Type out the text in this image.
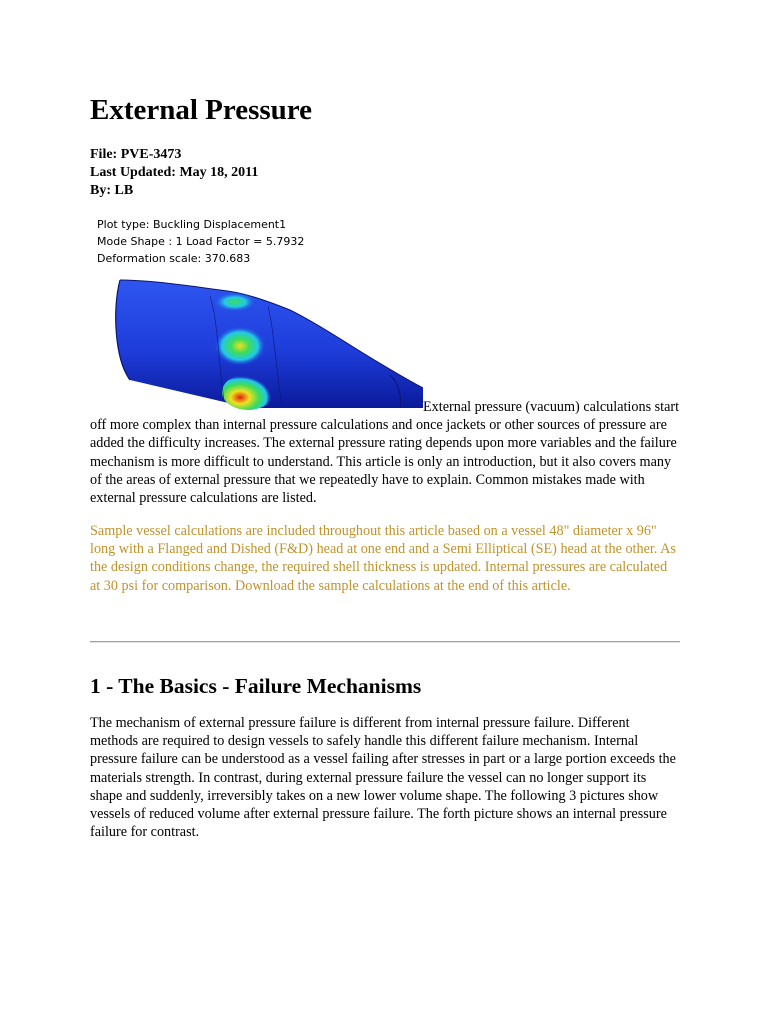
External Pressure
File: PVE-3473
Last Updated: May 18, 2011
By: LB
Plot type: Buckling Displacement1
Mode Shape : 1 Load Factor = 5.7932
Deformation scale: 370.683

External pressure (vacuum) calculations start off more complex than internal pressure calculations and once jackets or other sources of pressure are added the difficulty increases. The external pressure rating depends upon more variables and the failure mechanism is more difficult to understand. This article is only an introduction, but it also covers many of the areas of external pressure that we repeatedly have to explain. Common mistakes made with external pressure calculations are listed.

Sample vessel calculations are included throughout this article based on a vessel 48" diameter x 96" long with a Flanged and Dished (F&D) head at one end and a Semi Elliptical (SE) head at the other. As the design conditions change, the required shell thickness is updated. Internal pressures are calculated at 30 psi for comparison. Download the sample calculations at the end of this article.

1 - The Basics - Failure Mechanisms

The mechanism of external pressure failure is different from internal pressure failure. Different methods are required to design vessels to safely handle this different failure mechanism. Internal pressure failure can be understood as a vessel failing after stresses in part or a large portion exceeds the materials strength. In contrast, during external pressure failure the vessel can no longer support its shape and suddenly, irreversibly takes on a new lower volume shape. The following 3 pictures show vessels of reduced volume after external pressure failure. The forth picture shows an internal pressure failure for contrast.
